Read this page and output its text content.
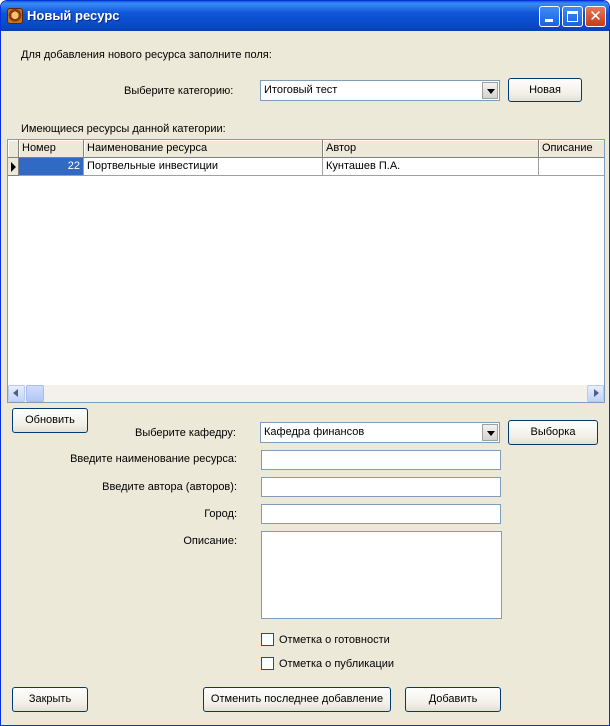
Новый ресурс	✕
Для добавления нового ресурса заполните поля:
Выберите категорию:	Итоговый тест	Новая
Имеющиеся ресурсы данной категории:
Номер	Наименование ресурса	Автор	Описание
22 Портвельные инвестиции	Кунташев П.А.
Обновить
Выберите кафедру:	Кафедра финансов	Выборка
Введите наименование ресурса:
Введите автора (авторов):
Город:
Описание:
Отметка о готовности
Отметка о публикации
Закрыть	Отменить последнее добавление	Добавить
